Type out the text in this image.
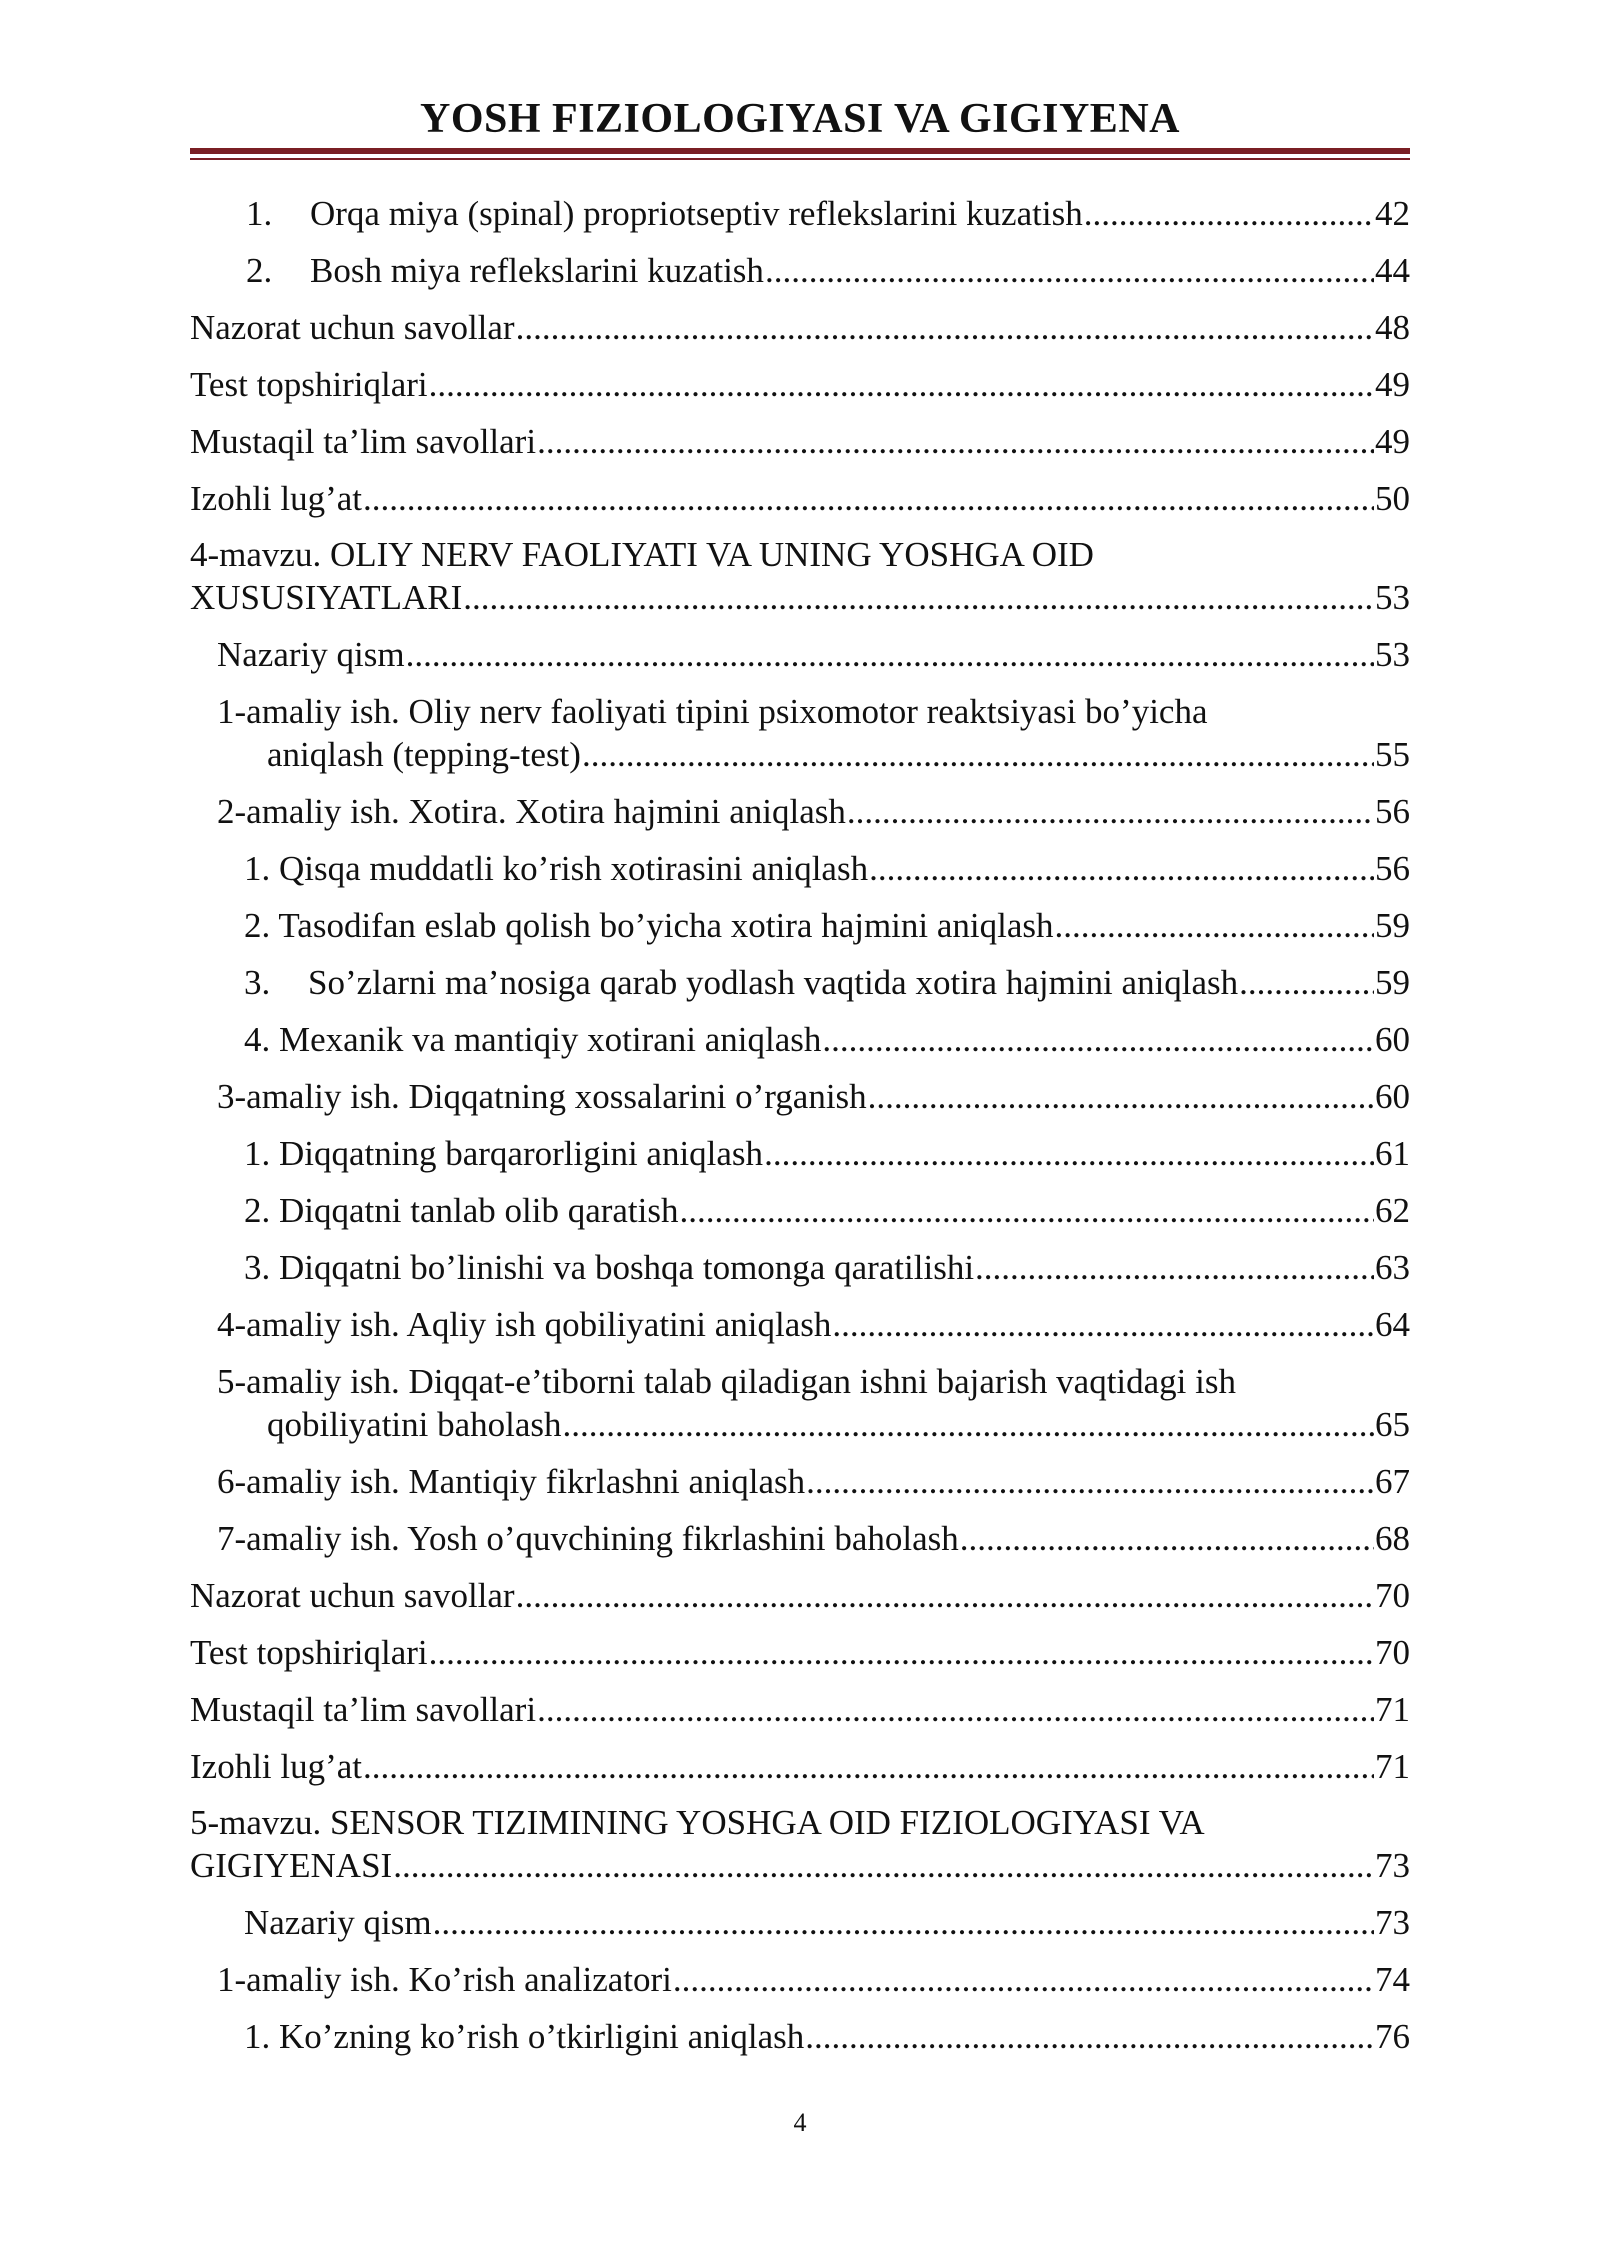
YOSH FIZIOLOGIYASI VA GIGIYENA
1.	Orqa miya (spinal) propriotseptiv reflekslarini kuzatish .....	42
2.	Bosh miya reflekslarini kuzatish .....	44
Nazorat uchun savollar .....	48
Test topshiriqlari .....	49
Mustaqil ta’lim savollari .....	49
Izohli lug’at .....	50
4-mavzu. OLIY NERV FAOLIYATI VA UNING YOSHGA OID
XUSUSIYATLARI .....	53
Nazariy qism .....	53
1-amaliy ish. Oliy nerv faoliyati tipini psixomotor reaktsiyasi bo’yicha
aniqlash (tepping-test) .....	55
2-amaliy ish. Xotira. Xotira hajmini aniqlash .....	56
1. Qisqa muddatli ko’rish xotirasini aniqlash .....	56
2. Tasodifan eslab qolish bo’yicha xotira hajmini aniqlash .....	59
3.	So’zlarni ma’nosiga qarab yodlash vaqtida xotira hajmini aniqlash .....	59
4. Mexanik va mantiqiy xotirani aniqlash .....	60
3-amaliy ish. Diqqatning xossalarini o’rganish .....	60
1. Diqqatning barqarorligini aniqlash .....	61
2. Diqqatni tanlab olib qaratish .....	62
3. Diqqatni bo’linishi va boshqa tomonga qaratilishi .....	63
4-amaliy ish. Aqliy ish qobiliyatini aniqlash .....	64
5-amaliy ish. Diqqat-e’tiborni talab qiladigan ishni bajarish vaqtidagi ish
qobiliyatini baholash .....	65
6-amaliy ish. Mantiqiy fikrlashni aniqlash .....	67
7-amaliy ish. Yosh o’quvchining fikrlashini baholash .....	68
Nazorat uchun savollar .....	70
Test topshiriqlari .....	70
Mustaqil ta’lim savollari .....	71
Izohli lug’at .....	71
5-mavzu. SENSOR TIZIMINING YOSHGA OID FIZIOLOGIYASI VA
GIGIYENASI .....	73
Nazariy qism .....	73
1-amaliy ish. Ko’rish analizatori .....	74
1. Ko’zning ko’rish o’tkirligini aniqlash .....	76
4
